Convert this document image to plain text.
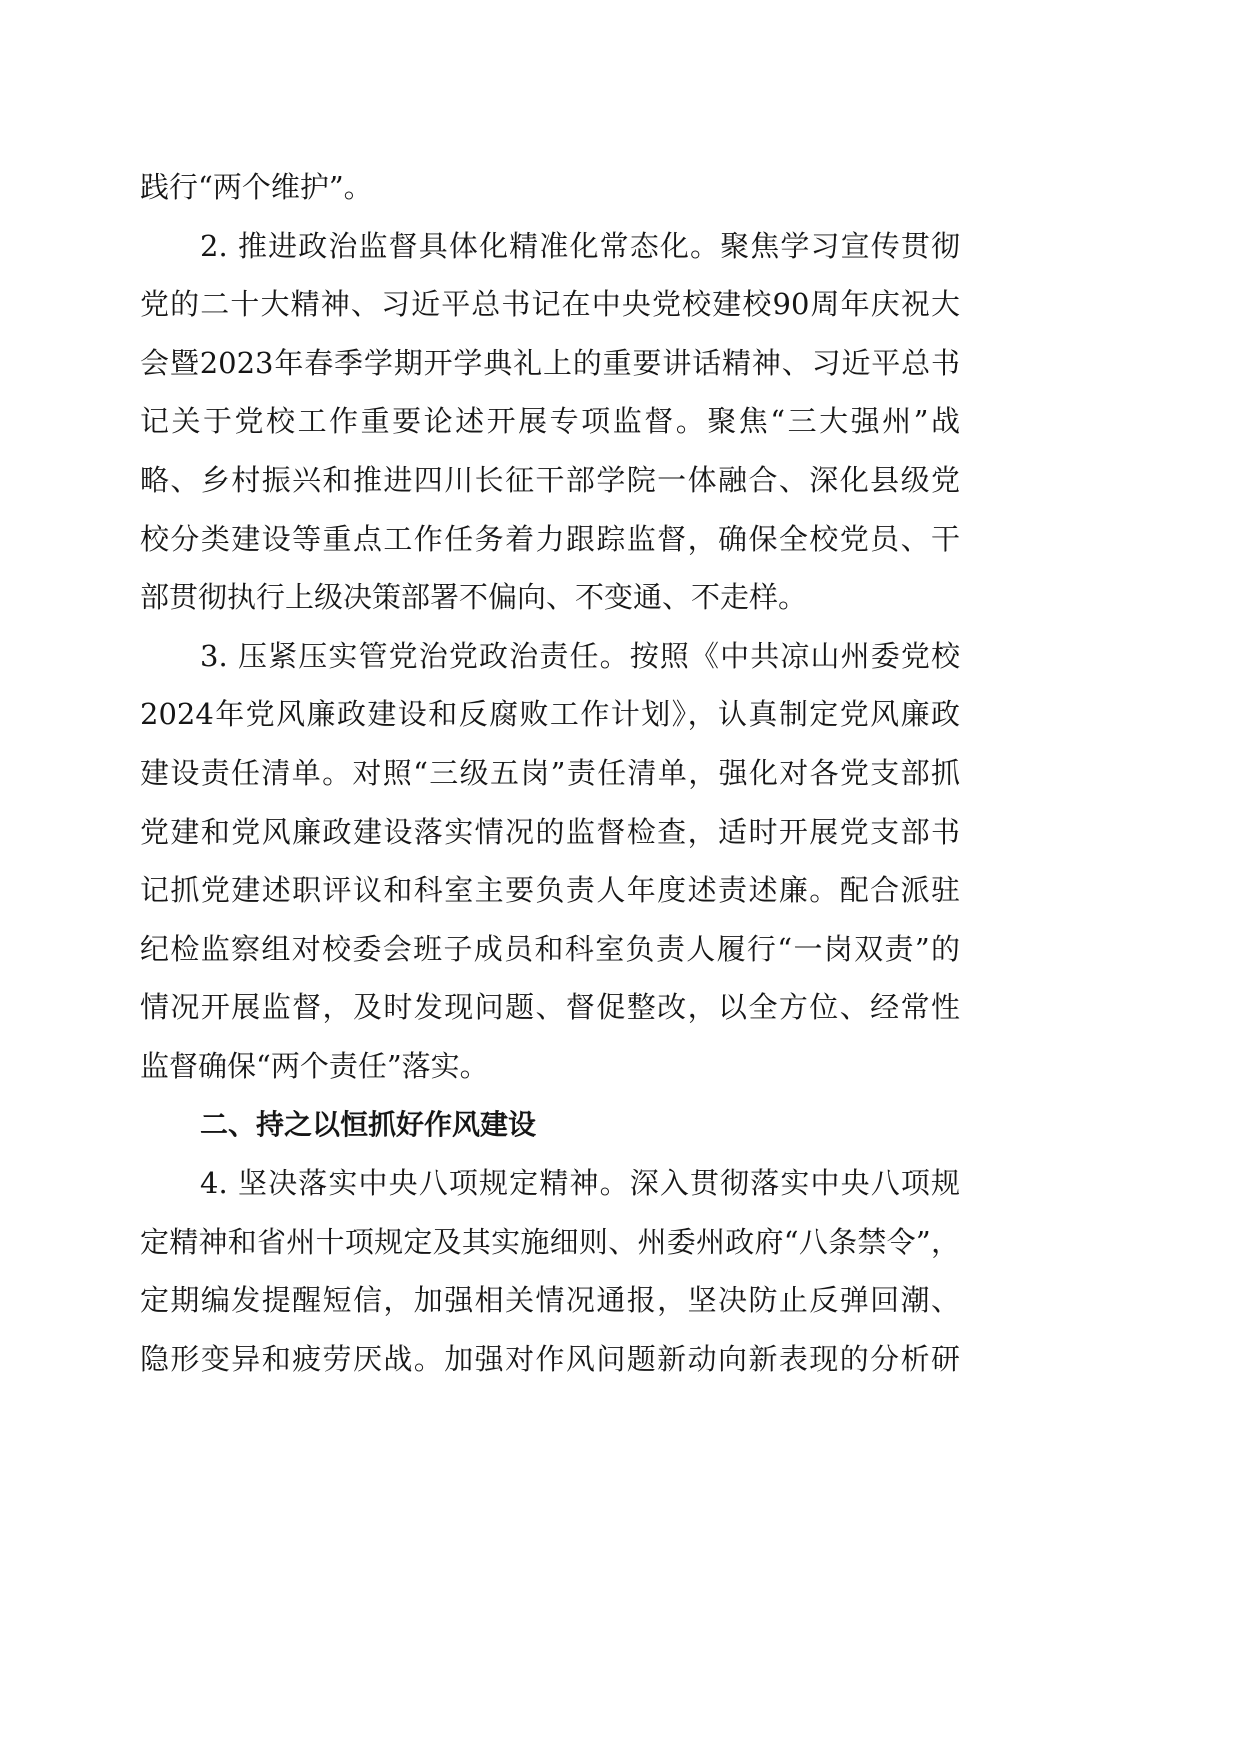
践行“两个维护”。
2. 推进政治监督具体化精准化常态化。聚焦学习宣传贯彻
党的二十大精神、习近平总书记在中央党校建校90周年庆祝大
会暨2023年春季学期开学典礼上的重要讲话精神、习近平总书
记关于党校工作重要论述开展专项监督。聚焦“三大强州”战
略、乡村振兴和推进四川长征干部学院一体融合、深化县级党
校分类建设等重点工作任务着力跟踪监督，确保全校党员、干
部贯彻执行上级决策部署不偏向、不变通、不走样。
3. 压紧压实管党治党政治责任。按照《中共凉山州委党校
2024年党风廉政建设和反腐败工作计划》，认真制定党风廉政
建设责任清单。对照“三级五岗”责任清单，强化对各党支部抓
党建和党风廉政建设落实情况的监督检查，适时开展党支部书
记抓党建述职评议和科室主要负责人年度述责述廉。配合派驻
纪检监察组对校委会班子成员和科室负责人履行“一岗双责”的
情况开展监督，及时发现问题、督促整改，以全方位、经常性
监督确保“两个责任”落实。
二、持之以恒抓好作风建设
4. 坚决落实中央八项规定精神。深入贯彻落实中央八项规
定精神和省州十项规定及其实施细则、州委州政府“八条禁令”，
定期编发提醒短信，加强相关情况通报，坚决防止反弹回潮、
隐形变异和疲劳厌战。加强对作风问题新动向新表现的分析研
